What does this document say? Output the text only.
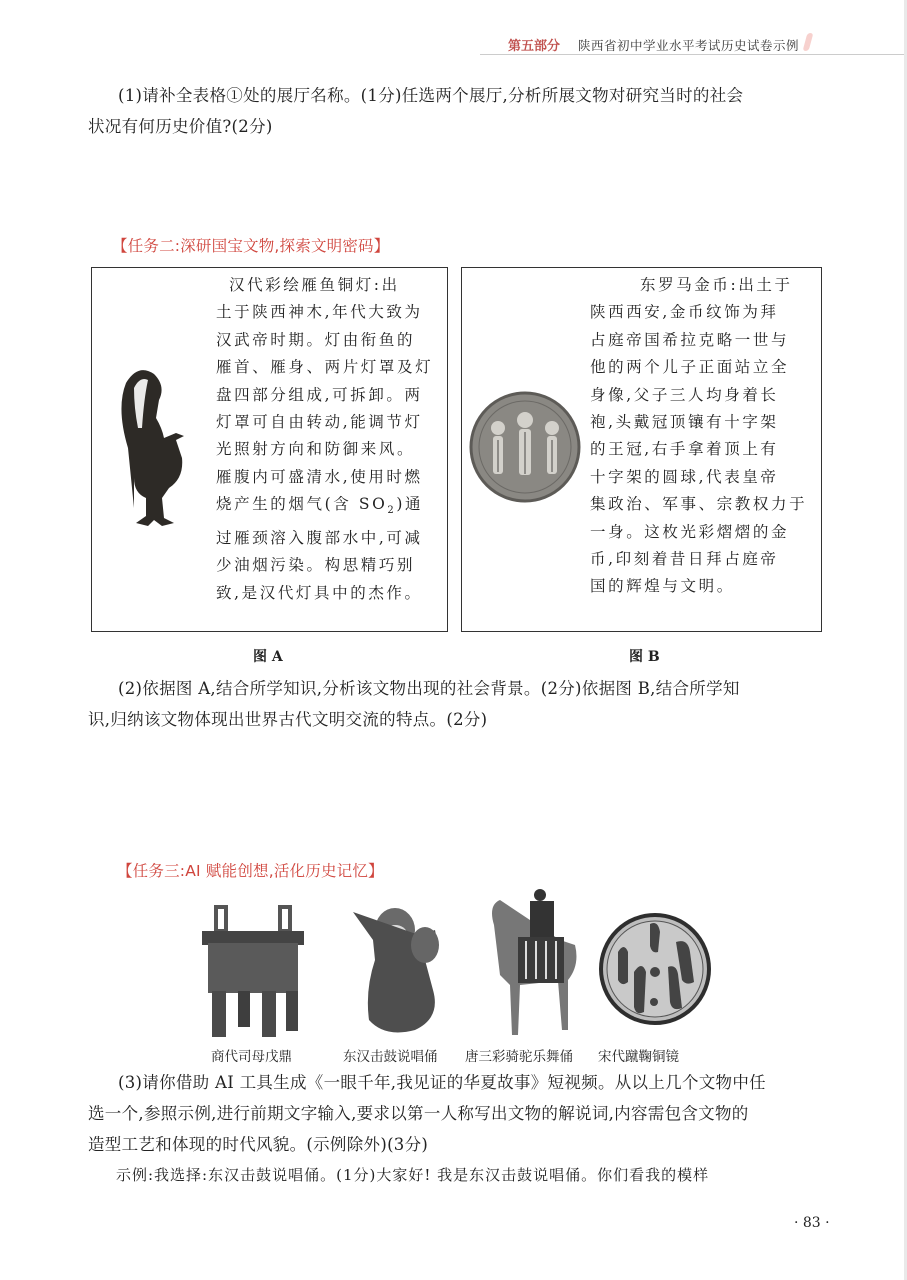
第五部分 陕西省初中学业水平考试历史试卷示例
(1)请补全表格①处的展厅名称。(1分)任选两个展厅,分析所展文物对研究当时的社会
状况有何历史价值?(2分)
【任务二:深研国宝文物,探索文明密码】
汉代彩绘雁鱼铜灯:出
土于陕西神木,年代大致为
汉武帝时期。灯由衔鱼的
雁首、雁身、两片灯罩及灯
盘四部分组成,可拆卸。两
灯罩可自由转动,能调节灯
光照射方向和防御来风。
雁腹内可盛清水,使用时燃
烧产生的烟气(含 $SO_2$)通
过雁颈溶入腹部水中,可减
少油烟污染。构思精巧别
致,是汉代灯具中的杰作。
东罗马金币:出土于
陕西西安,金币纹饰为拜
占庭帝国希拉克略一世与
他的两个儿子正面站立全
身像,父子三人均身着长
袍,头戴冠顶镶有十字架
的王冠,右手拿着顶上有
十字架的圆球,代表皇帝
集政治、军事、宗教权力于
一身。这枚光彩熠熠的金
币,印刻着昔日拜占庭帝
国的辉煌与文明。
图 A	图 B
(2)依据图 A,结合所学知识,分析该文物出现的社会背景。(2分)依据图 B,结合所学知
识,归纳该文物体现出世界古代文明交流的特点。(2分)
【任务三:AI 赋能创想,活化历史记忆】
商代司母戊鼎	东汉击鼓说唱俑 唐三彩骑驼乐舞俑 宋代蹴鞠铜镜
(3)请你借助 AI 工具生成《一眼千年,我见证的华夏故事》短视频。从以上几个文物中任
选一个,参照示例,进行前期文字输入,要求以第一人称写出文物的解说词,内容需包含文物的
造型工艺和体现的时代风貌。(示例除外)(3分)
示例:我选择:东汉击鼓说唱俑。(1分)大家好! 我是东汉击鼓说唱俑。你们看我的模样
· 83 ·
